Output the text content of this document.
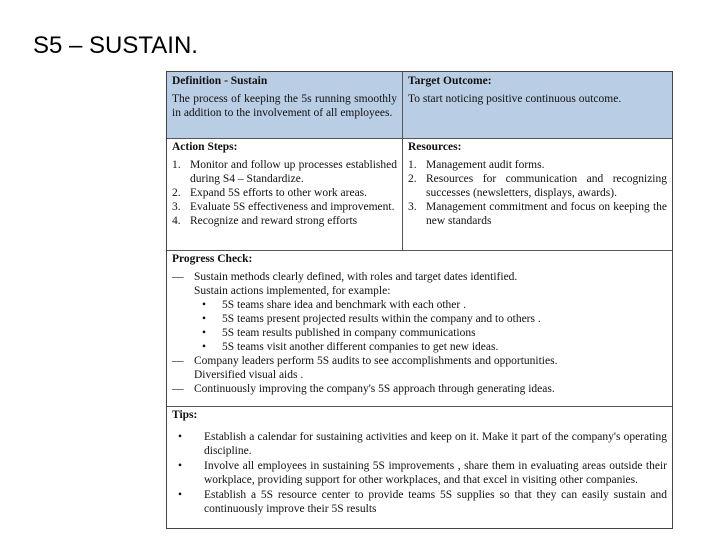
S5 – SUSTAIN.
Definition - Sustain
The process of keeping the 5s running smoothly in addition to the involvement of all employees.
Target Outcome:
To start noticing positive continuous outcome.
Action Steps:
1. Monitor and follow up processes established during S4 – Standardize.
2. Expand 5S efforts to other work areas.
3. Evaluate 5S effectiveness and improvement.
4. Recognize and reward strong efforts
Resources:
1. Management audit forms.
2. Resources for communication and recognizing successes (newsletters, displays, awards).
3. Management commitment and focus on keeping the new standards
Progress Check:
— Sustain methods clearly defined, with roles and target dates identified.
Sustain actions implemented, for example:
•	5S teams share idea and benchmark with each other .
•	5S teams present projected results within the company and to others .
•	5S team results published in company communications
•	5S teams visit another different companies to get new ideas.
— Company leaders perform 5S audits to see accomplishments and opportunities.
Diversified visual aids .
— Continuously improving the company's 5S approach through generating ideas.
Tips:
•	Establish a calendar for sustaining activities and keep on it. Make it part of the company's operating discipline.
•	Involve all employees in sustaining 5S improvements , share them in evaluating areas outside their workplace, providing support for other workplaces, and that excel in visiting other companies.
•	Establish a 5S resource center to provide teams 5S supplies so that they can easily sustain and continuously improve their 5S results
